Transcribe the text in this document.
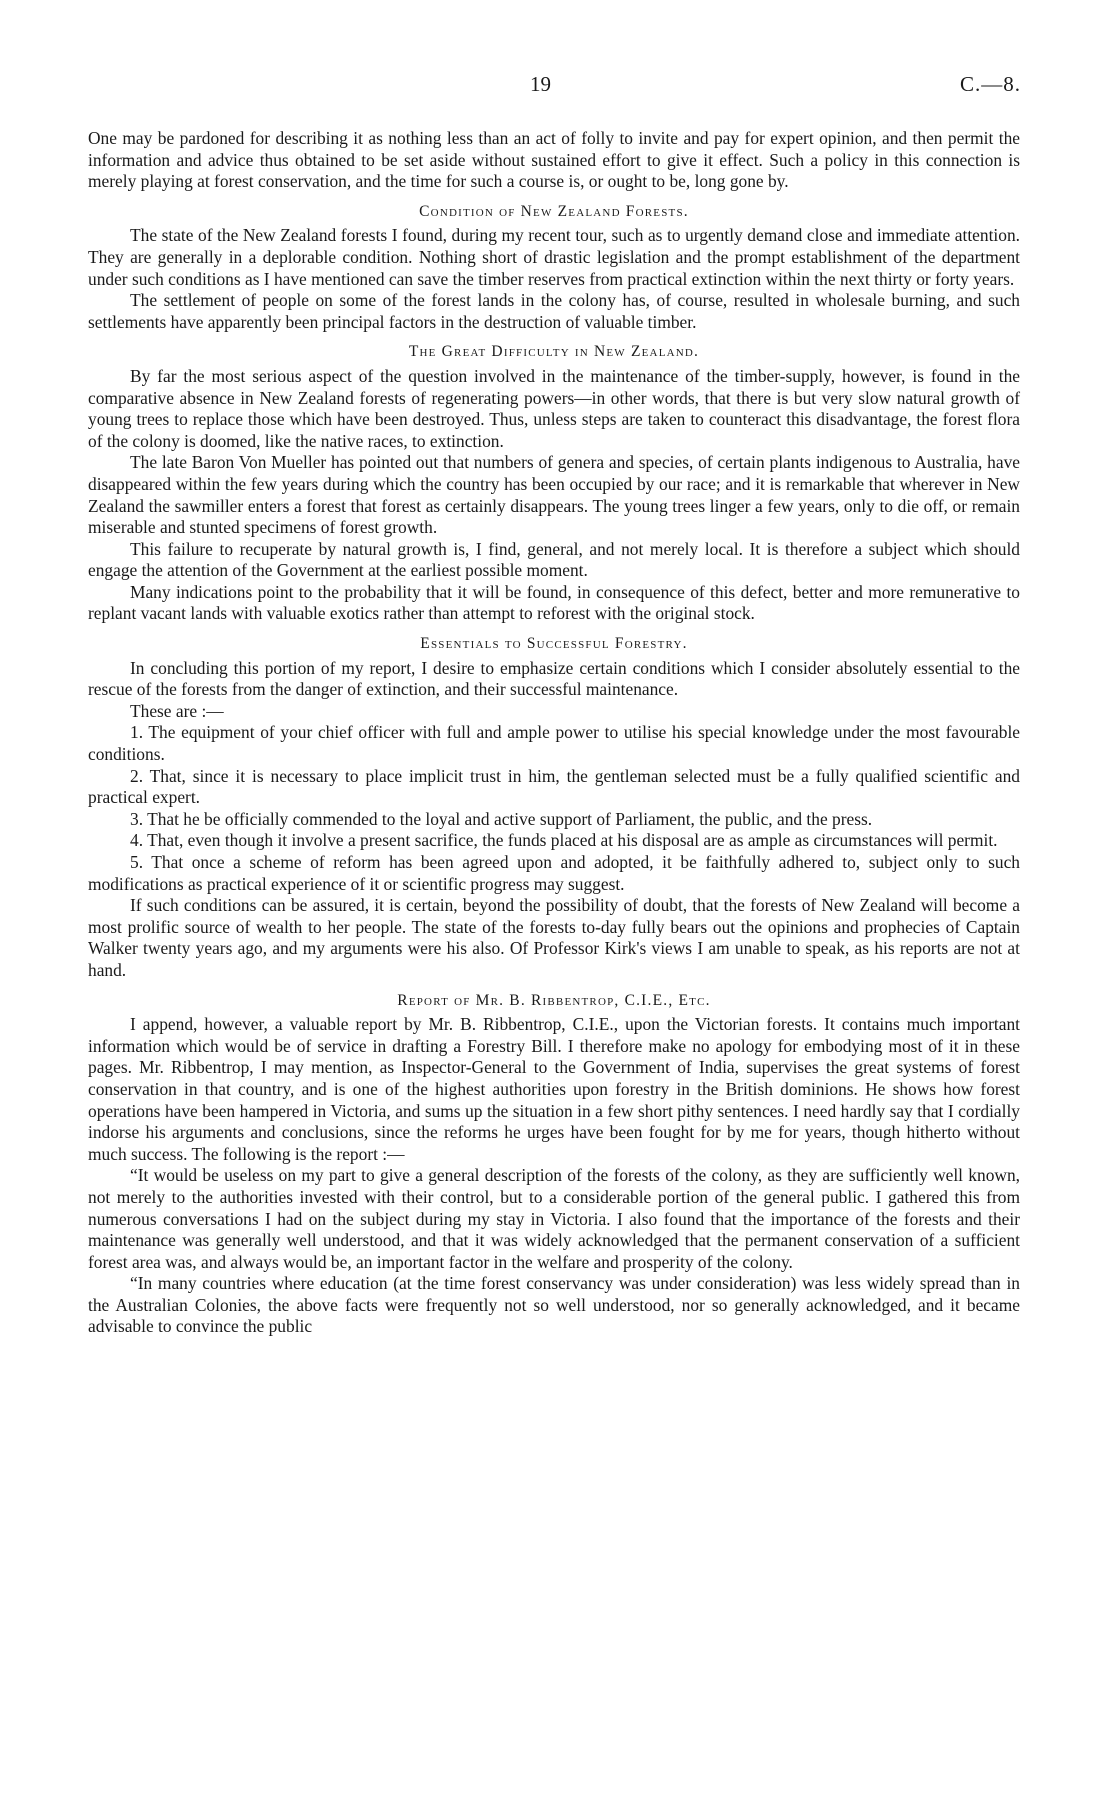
19	C.—8.

One may be pardoned for describing it as nothing less than an act of folly to invite and pay for expert opinion, and then permit the information and advice thus obtained to be set aside without sustained effort to give it effect. Such a policy in this connection is merely playing at forest conservation, and the time for such a course is, or ought to be, long gone by.

Condition of New Zealand Forests.

The state of the New Zealand forests I found, during my recent tour, such as to urgently demand close and immediate attention. They are generally in a deplorable condition. Nothing short of drastic legislation and the prompt establishment of the department under such conditions as I have mentioned can save the timber reserves from practical extinction within the next thirty or forty years.

The settlement of people on some of the forest lands in the colony has, of course, resulted in wholesale burning, and such settlements have apparently been principal factors in the destruction of valuable timber.

The Great Difficulty in New Zealand.

By far the most serious aspect of the question involved in the maintenance of the timber-supply, however, is found in the comparative absence in New Zealand forests of regenerating powers—in other words, that there is but very slow natural growth of young trees to replace those which have been destroyed. Thus, unless steps are taken to counteract this disadvantage, the forest flora of the colony is doomed, like the native races, to extinction.

The late Baron Von Mueller has pointed out that numbers of genera and species, of certain plants indigenous to Australia, have disappeared within the few years during which the country has been occupied by our race; and it is remarkable that wherever in New Zealand the sawmiller enters a forest that forest as certainly disappears. The young trees linger a few years, only to die off, or remain miserable and stunted specimens of forest growth.

This failure to recuperate by natural growth is, I find, general, and not merely local. It is therefore a subject which should engage the attention of the Government at the earliest possible moment.

Many indications point to the probability that it will be found, in consequence of this defect, better and more remunerative to replant vacant lands with valuable exotics rather than attempt to reforest with the original stock.

Essentials to Successful Forestry.

In concluding this portion of my report, I desire to emphasize certain conditions which I consider absolutely essential to the rescue of the forests from the danger of extinction, and their successful maintenance.

These are :—

1. The equipment of your chief officer with full and ample power to utilise his special knowledge under the most favourable conditions.

2. That, since it is necessary to place implicit trust in him, the gentleman selected must be a fully qualified scientific and practical expert.

3. That he be officially commended to the loyal and active support of Parliament, the public, and the press.

4. That, even though it involve a present sacrifice, the funds placed at his disposal are as ample as circumstances will permit.

5. That once a scheme of reform has been agreed upon and adopted, it be faithfully adhered to, subject only to such modifications as practical experience of it or scientific progress may suggest.

If such conditions can be assured, it is certain, beyond the possibility of doubt, that the forests of New Zealand will become a most prolific source of wealth to her people. The state of the forests to-day fully bears out the opinions and prophecies of Captain Walker twenty years ago, and my arguments were his also. Of Professor Kirk's views I am unable to speak, as his reports are not at hand.

Report of Mr. B. Ribbentrop, C.I.E., Etc.

I append, however, a valuable report by Mr. B. Ribbentrop, C.I.E., upon the Victorian forests. It contains much important information which would be of service in drafting a Forestry Bill. I therefore make no apology for embodying most of it in these pages. Mr. Ribbentrop, I may mention, as Inspector-General to the Government of India, supervises the great systems of forest conservation in that country, and is one of the highest authorities upon forestry in the British dominions. He shows how forest operations have been hampered in Victoria, and sums up the situation in a few short pithy sentences. I need hardly say that I cordially indorse his arguments and conclusions, since the reforms he urges have been fought for by me for years, though hitherto without much success. The following is the report :—

“It would be useless on my part to give a general description of the forests of the colony, as they are sufficiently well known, not merely to the authorities invested with their control, but to a considerable portion of the general public. I gathered this from numerous conversations I had on the subject during my stay in Victoria. I also found that the importance of the forests and their maintenance was generally well understood, and that it was widely acknowledged that the permanent conservation of a sufficient forest area was, and always would be, an important factor in the welfare and prosperity of the colony.

“In many countries where education (at the time forest conservancy was under consideration) was less widely spread than in the Australian Colonies, the above facts were frequently not so well understood, nor so generally acknowledged, and it became advisable to convince the public
